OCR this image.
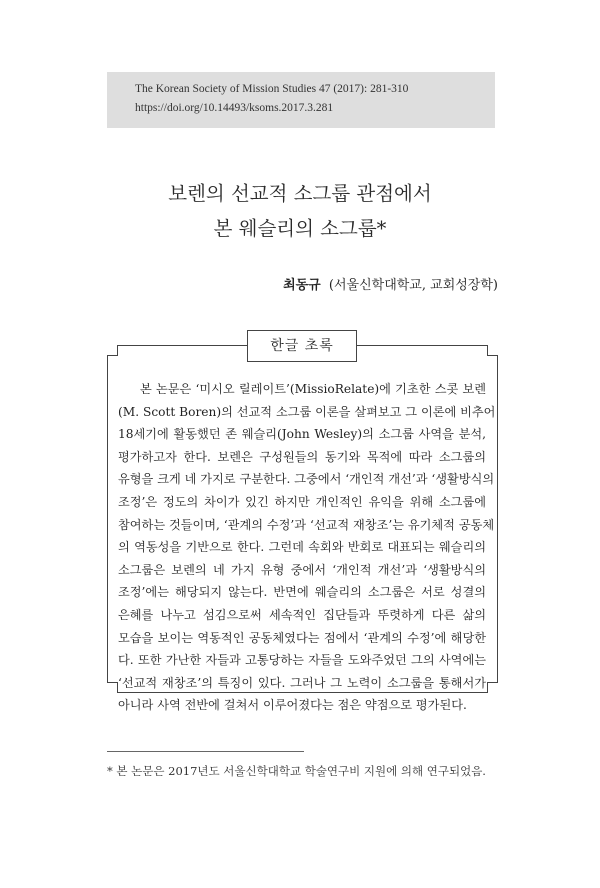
The Korean Society of Mission Studies 47 (2017): 281-310
https://doi.org/10.14493/ksoms.2017.3.281
보렌의 선교적 소그룹 관점에서
본 웨슬리의 소그룹*
최동규 (서울신학대학교, 교회성장학)
한글 초록
본 논문은 ‘미시오 릴레이트’(MissioRelate)에 기초한 스콧 보렌
(M. Scott Boren)의 선교적 소그룹 이론을 살펴보고 그 이론에 비추어
18세기에 활동했던 존 웨슬리(John Wesley)의 소그룹 사역을 분석,
평가하고자 한다. 보렌은 구성원들의 동기와 목적에 따라 소그룹의
유형을 크게 네 가지로 구분한다. 그중에서 ‘개인적 개선’과 ‘생활방식의
조정’은 정도의 차이가 있긴 하지만 개인적인 유익을 위해 소그룹에
참여하는 것들이며, ‘관계의 수정’과 ‘선교적 재창조’는 유기체적 공동체
의 역동성을 기반으로 한다. 그런데 속회와 반회로 대표되는 웨슬리의
소그룹은 보렌의 네 가지 유형 중에서 ‘개인적 개선’과 ‘생활방식의
조정’에는 해당되지 않는다. 반면에 웨슬리의 소그룹은 서로 성결의
은혜를 나누고 섬김으로써 세속적인 집단들과 뚜렷하게 다른 삶의
모습을 보이는 역동적인 공동체였다는 점에서 ‘관계의 수정’에 해당한
다. 또한 가난한 자들과 고통당하는 자들을 도와주었던 그의 사역에는
‘선교적 재창조’의 특징이 있다. 그러나 그 노력이 소그룹을 통해서가
아니라 사역 전반에 걸쳐서 이루어졌다는 점은 약점으로 평가된다.
* 본 논문은 2017년도 서울신학대학교 학술연구비 지원에 의해 연구되었음.
